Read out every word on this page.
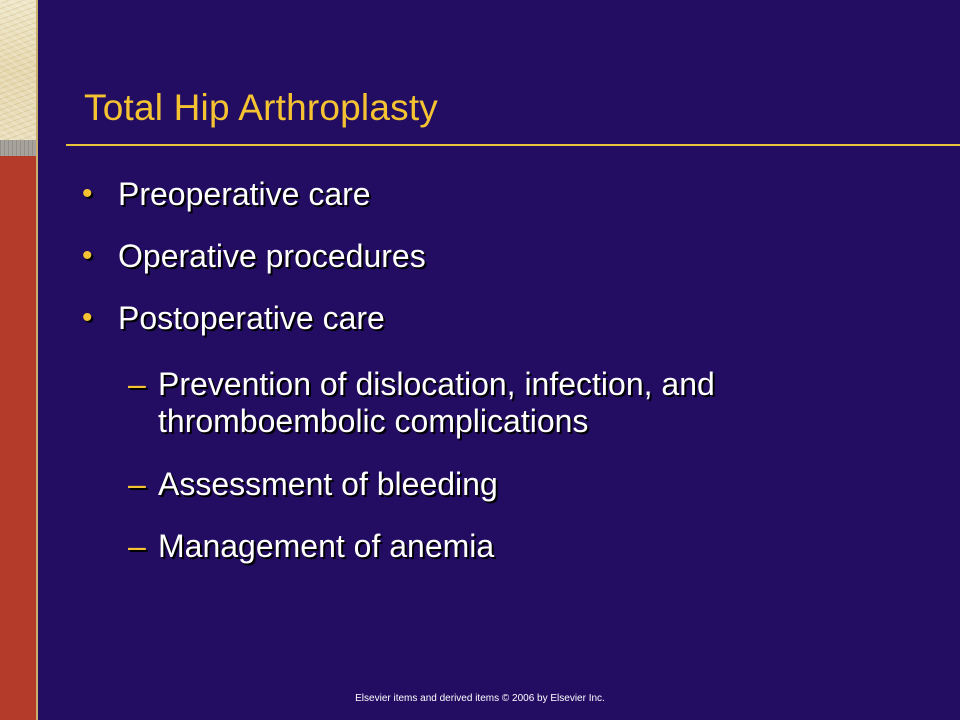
Total Hip Arthroplasty
• Preoperative care
• Operative procedures
• Postoperative care
– Prevention of dislocation, infection, and
thromboembolic complications
– Assessment of bleeding
– Management of anemia
Elsevier items and derived items © 2006 by Elsevier Inc.
